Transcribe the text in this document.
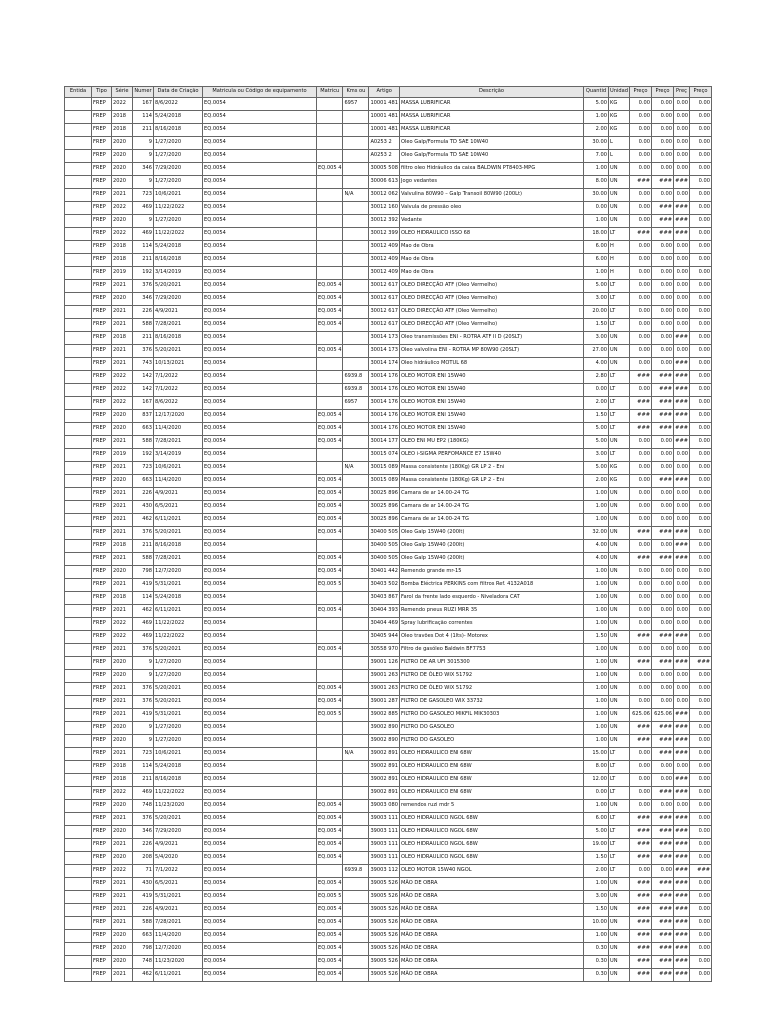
Entida	Tipo	Série	Numer	Data de Criação	Matricula ou Código de equipamento	Matricu	Kms ou	Artigo	Descrição	Quantid	Unidad	Preço	Preço	Preç	Preço
	FREP	2022	167	8/6/2022	EQ.0054		6957	10001 481	MASSA LUBRIFICAR	5.00	KG	0.00	0.00	0.00	0.00
	FREP	2018	114	5/24/2018	EQ.0054			10001 481	MASSA LUBRIFICAR	1.00	KG	0.00	0.00	0.00	0.00
	FREP	2018	211	8/16/2018	EQ.0054			10001 481	MASSA LUBRIFICAR	2.00	KG	0.00	0.00	0.00	0.00
	FREP	2020	9	1/27/2020	EQ.0054			A0253 2	Oleo Galp/Formula TD SAE 10W40	30.00	L	0.00	0.00	0.00	0.00
	FREP	2020	9	1/27/2020	EQ.0054			A0253 2	Oleo Galp/Formula TD SAE 10W40	7.00	L	0.00	0.00	0.00	0.00
	FREP	2020	346	7/29/2020	EQ.0054	EQ.005 4		30005 508	filtro oleo Hidráulico da caixa BALDWIN PT8403-MPG	1.00	UN	0.00	0.00	0.00	0.00
	FREP	2020	9	1/27/2020	EQ.0054			30006 613	Jogo vedantes	8.00	UN	###	###	###	0.00
	FREP	2021	723	10/6/2021	EQ.0054		N/A	30012 062	Valvulina 80W90 – Galp Transoil 80W90 (200Lt)	30.00	UN	0.00	0.00	0.00	0.00
	FREP	2022	469	11/22/2022	EQ.0054			30012 160	Valvula de pressão oleo	0.00	UN	0.00	###	###	0.00
	FREP	2020	9	1/27/2020	EQ.0054			30012 392	Vedante	1.00	UN	0.00	###	###	0.00
	FREP	2022	469	11/22/2022	EQ.0054			30012 399	OLEO HIDRAULICO ISSO 68	18.00	LT	###	###	###	0.00
	FREP	2018	114	5/24/2018	EQ.0054			30012 409	Mao de Obra	6.00	H	0.00	0.00	0.00	0.00
	FREP	2018	211	8/16/2018	EQ.0054			30012 409	Mao de Obra	6.00	H	0.00	0.00	0.00	0.00
	FREP	2019	192	3/14/2019	EQ.0054			30012 409	Mao de Obra	1.00	H	0.00	0.00	0.00	0.00
	FREP	2021	376	5/20/2021	EQ.0054	EQ.005 4		30012 617	OLEO DIRECÇÃO ATF (Oleo Vermelho)	5.00	LT	0.00	0.00	0.00	0.00
	FREP	2020	346	7/29/2020	EQ.0054	EQ.005 4		30012 617	OLEO DIRECÇÃO ATF (Oleo Vermelho)	3.00	LT	0.00	0.00	0.00	0.00
	FREP	2021	226	4/9/2021	EQ.0054	EQ.005 4		30012 617	OLEO DIRECÇÃO ATF (Oleo Vermelho)	20.00	LT	0.00	0.00	0.00	0.00
	FREP	2021	588	7/28/2021	EQ.0054	EQ.005 4		30012 617	OLEO DIRECÇÃO ATF (Oleo Vermelho)	1.50	LT	0.00	0.00	0.00	0.00
	FREP	2018	211	8/16/2018	EQ.0054			30014 173	Oleo transmissões ENI - ROTRA ATF II D (20SLT)	3.00	UN	0.00	0.00	###	0.00
	FREP	2021	376	5/20/2021	EQ.0054	EQ.005 4		30014 173	Oleo valvolina ENI - ROTRA MP 80W90 (20SLT)	27.00	UN	0.00	0.00	0.00	0.00
	FREP	2021	743	10/13/2021	EQ.0054			30014 174	Oleo hidráulico MOTUL 68	4.00	UN	0.00	0.00	###	0.00
	FREP	2022	142	7/1/2022	EQ.0054		6939.8	30014 176	OLEO MOTOR ENI 15W40	2.80	LT	###	###	###	0.00
	FREP	2022	142	7/1/2022	EQ.0054		6939.8	30014 176	OLEO MOTOR ENI 15W40	0.00	LT	0.00	###	###	0.00
	FREP	2022	167	8/6/2022	EQ.0054		6957	30014 176	OLEO MOTOR ENI 15W40	2.00	LT	###	###	###	0.00
	FREP	2020	837	12/17/2020	EQ.0054	EQ.005 4		30014 176	OLEO MOTOR ENI 15W40	1.50	LT	###	###	###	0.00
	FREP	2020	663	11/4/2020	EQ.0054	EQ.005 4		30014 176	OLEO MOTOR ENI 15W40	5.00	LT	###	###	###	0.00
	FREP	2021	588	7/28/2021	EQ.0054	EQ.005 4		30014 177	OLEO ENI MU EP2 (180KG)	5.00	UN	0.00	0.00	###	0.00
	FREP	2019	192	3/14/2019	EQ.0054			30015 074	OLEO i-SIGMA PERFOMANCE E7 15W40	3.00	LT	0.00	0.00	0.00	0.00
	FREP	2021	723	10/6/2021	EQ.0054		N/A	30015 089	Massa consistente (180Kg) GR LP 2 - Eni	5.00	KG	0.00	0.00	0.00	0.00
	FREP	2020	663	11/4/2020	EQ.0054	EQ.005 4		30015 089	Massa consistente (180Kg) GR LP 2 - Eni	2.00	KG	0.00	###	###	0.00
	FREP	2021	226	4/9/2021	EQ.0054	EQ.005 4		30025 896	Camara de ar 14.00-24 TG	1.00	UN	0.00	0.00	0.00	0.00
	FREP	2021	430	6/5/2021	EQ.0054	EQ.005 4		30025 896	Camara de ar 14.00-24 TG	1.00	UN	0.00	0.00	0.00	0.00
	FREP	2021	462	6/11/2021	EQ.0054	EQ.005 4		30025 896	Camara de ar 14.00-24 TG	1.00	UN	0.00	0.00	0.00	0.00
	FREP	2021	376	5/20/2021	EQ.0054	EQ.005 4		30400 505	Oleo Galp 15W40 (200lt)	32.00	UN	###	###	###	0.00
	FREP	2018	211	8/16/2018	EQ.0054			30400 505	Oleo Galp 15W40 (200lt)	4.00	UN	0.00	0.00	###	0.00
	FREP	2021	588	7/28/2021	EQ.0054	EQ.005 4		30400 505	Oleo Galp 15W40 (200lt)	4.00	UN	###	###	###	0.00
	FREP	2020	798	12/7/2020	EQ.0054	EQ.005 4		30401 442	Remendo grande mr-15	1.00	UN	0.00	0.00	0.00	0.00
	FREP	2021	419	5/31/2021	EQ.0054	EQ.005 5		30403 502	Bomba Eléctrica PERKINS com filtros Ref. 4132A018	1.00	UN	0.00	0.00	0.00	0.00
	FREP	2018	114	5/24/2018	EQ.0054			30403 867	Farol da frente lado esquerdo - Niveladora CAT	1.00	UN	0.00	0.00	0.00	0.00
	FREP	2021	462	6/11/2021	EQ.0054	EQ.005 4		30404 393	Remendo pneus RUZI MRR 35	1.00	UN	0.00	0.00	0.00	0.00
	FREP	2022	469	11/22/2022	EQ.0054			30404 469	Spray lubrificação correntes	1.00	UN	0.00	0.00	0.00	0.00
	FREP	2022	469	11/22/2022	EQ.0054			30405 944	Oleo travões Dot 4 (1lts)- Motorex	1.50	UN	###	###	###	0.00
	FREP	2021	376	5/20/2021	EQ.0054	EQ.005 4		30558 970	Filtro de gasóleo Baldwin BF7753	1.00	UN	0.00	0.00	0.00	0.00
	FREP	2020	9	1/27/2020	EQ.0054			39001 126	FILTRO DE AR UFI 3015300	1.00	UN	###	###	###	###
	FREP	2020	9	1/27/2020	EQ.0054			39001 263	FILTRO DE ÓLEO WIX 51792	1.00	UN	0.00	0.00	0.00	0.00
	FREP	2021	376	5/20/2021	EQ.0054	EQ.005 4		39001 263	FILTRO DE ÓLEO WIX 51792	1.00	UN	0.00	0.00	0.00	0.00
	FREP	2021	376	5/20/2021	EQ.0054	EQ.005 4		39001 287	FILTRO DE GASOLEO WIX 33732	1.00	UN	0.00	0.00	0.00	0.00
	FREP	2021	419	5/31/2021	EQ.0054	EQ.005 5		39002 885	FILTRO DO GASOLEO MIKFIL MIK30303	1.00	UN	625.06	625.06	###	0.00
	FREP	2020	9	1/27/2020	EQ.0054			39002 890	FILTRO DO GASOLEO	1.00	UN	###	###	###	0.00
	FREP	2020	9	1/27/2020	EQ.0054			39002 890	FILTRO DO GASOLEO	1.00	UN	###	###	###	0.00
	FREP	2021	723	10/6/2021	EQ.0054		N/A	39002 891	OLEO HIDRAULICO ENI 68W	15.00	LT	0.00	###	###	0.00
	FREP	2018	114	5/24/2018	EQ.0054			39002 891	OLEO HIDRAULICO ENI 68W	8.00	LT	0.00	0.00	0.00	0.00
	FREP	2018	211	8/16/2018	EQ.0054			39002 891	OLEO HIDRAULICO ENI 68W	12.00	LT	0.00	0.00	###	0.00
	FREP	2022	469	11/22/2022	EQ.0054			39002 891	OLEO HIDRAULICO ENI 68W	0.00	LT	0.00	###	###	0.00
	FREP	2020	748	11/23/2020	EQ.0054	EQ.005 4		39003 080	remendos ruzi mdr 5	1.00	UN	0.00	0.00	0.00	0.00
	FREP	2021	376	5/20/2021	EQ.0054	EQ.005 4		39003 111	OLEO HIDRAULICO NGOL 68W	6.00	LT	###	###	###	0.00
	FREP	2020	346	7/29/2020	EQ.0054	EQ.005 4		39003 111	OLEO HIDRAULICO NGOL 68W	5.00	LT	###	###	###	0.00
	FREP	2021	226	4/9/2021	EQ.0054	EQ.005 4		39003 111	OLEO HIDRAULICO NGOL 68W	19.00	LT	###	###	###	0.00
	FREP	2020	208	5/4/2020	EQ.0054	EQ.005 4		39003 111	OLEO HIDRAULICO NGOL 68W	1.50	LT	###	###	###	0.00
	FREP	2022	71	7/1/2022	EQ.0054		6939.8	39003 112	OLEO MOTOR 15W40 NGOL	2.00	LT	0.00	0.00	###	###
	FREP	2021	430	6/5/2021	EQ.0054	EQ.005 4		39005 526	MÃO DE OBRA	1.00	UN	###	###	###	0.00
	FREP	2021	419	5/31/2021	EQ.0054	EQ.005 5		39005 526	MÃO DE OBRA	3.00	UN	###	###	###	0.00
	FREP	2021	226	4/9/2021	EQ.0054	EQ.005 4		39005 526	MÃO DE OBRA	1.50	UN	###	###	###	0.00
	FREP	2021	588	7/28/2021	EQ.0054	EQ.005 4		39005 526	MÃO DE OBRA	10.00	UN	###	###	###	0.00
	FREP	2020	663	11/4/2020	EQ.0054	EQ.005 4		39005 526	MÃO DE OBRA	1.00	UN	###	###	###	0.00
	FREP	2020	798	12/7/2020	EQ.0054	EQ.005 4		39005 526	MÃO DE OBRA	0.30	UN	###	###	###	0.00
	FREP	2020	748	11/23/2020	EQ.0054	EQ.005 4		39005 526	MÃO DE OBRA	0.30	UN	###	###	###	0.00
	FREP	2021	462	6/11/2021	EQ.0054	EQ.005 4		39005 526	MÃO DE OBRA	0.30	UN	###	###	###	0.00
